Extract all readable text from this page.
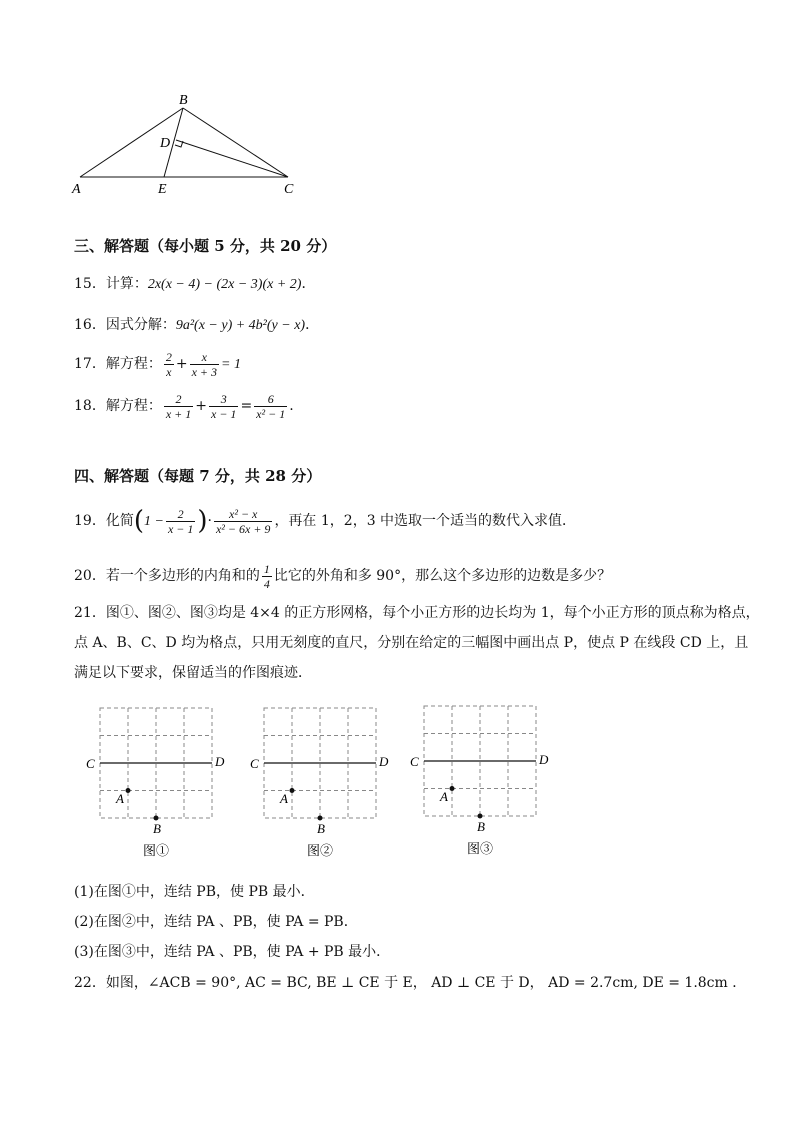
B
D
A	E	C
三、解答题（每小题 5 分，共 20 分）
15．计算：2x(x − 4) − (2x − 3)(x + 2)．
16．因式分解：9a²(x − y) + 4b²(y − x)．
17．解方程： $\frac{2}{x} + \frac{x}{x + 3} = 1$
18．解方程： $\frac{2}{x + 1} + \frac{3}{x - 1} = \frac{6}{\text{x² − 1}}$ .
四、解答题（每题 7 分，共 28 分）
19．化简($1 - \frac{2}{x - 1}$ )· $\frac{\text{x² − x}}{\text{x² − 6x + 9}}$ ，再在 1，2，3 中选取一个适当的数代入求值．
20．若一个多边形的内角和的 $\frac{1}{4}$ 比它的外角和多 90°，那么这个多边形的边数是多少？
21．图①、图②、图③均是 4×4 的正方形网格，每个小正方形的边长均为 1，每个小正方形的顶点称为格点，
点 A、B、C、D 均为格点，只用无刻度的直尺，分别在给定的三幅图中画出点 P，使点 P 在线段 CD 上，且
满足以下要求，保留适当的作图痕迹．
C	D
A
B
图①
C	D
A
B
图②
C	D
A
B
图③
(1)在图①中，连结 PB，使 PB 最小．
(2)在图②中，连结 PA 、PB，使 PA = PB．
(3)在图③中，连结 PA 、PB，使 PA + PB 最小．
22．如图，∠ACB = 90°, AC = BC, BE ⊥ CE 于 E， AD ⊥ CE 于 D， AD = 2.7cm, DE = 1.8cm ．
